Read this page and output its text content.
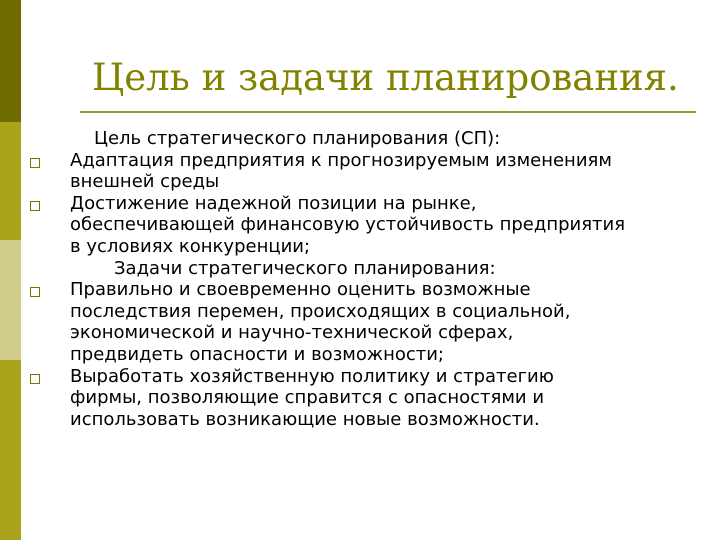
Цель и задачи планирования.
Цель стратегического планирования (СП):
Адаптация предприятия к прогнозируемым изменениям
внешней среды
Достижение надежной позиции на рынке,
обеспечивающей финансовую устойчивость предприятия
в условиях конкуренции;
Задачи стратегического планирования:
Правильно и своевременно оценить возможные
последствия перемен, происходящих в социальной,
экономической и научно-технической сферах,
предвидеть опасности и возможности;
Выработать хозяйственную политику и стратегию
фирмы, позволяющие справится с опасностями и
использовать возникающие новые возможности.
